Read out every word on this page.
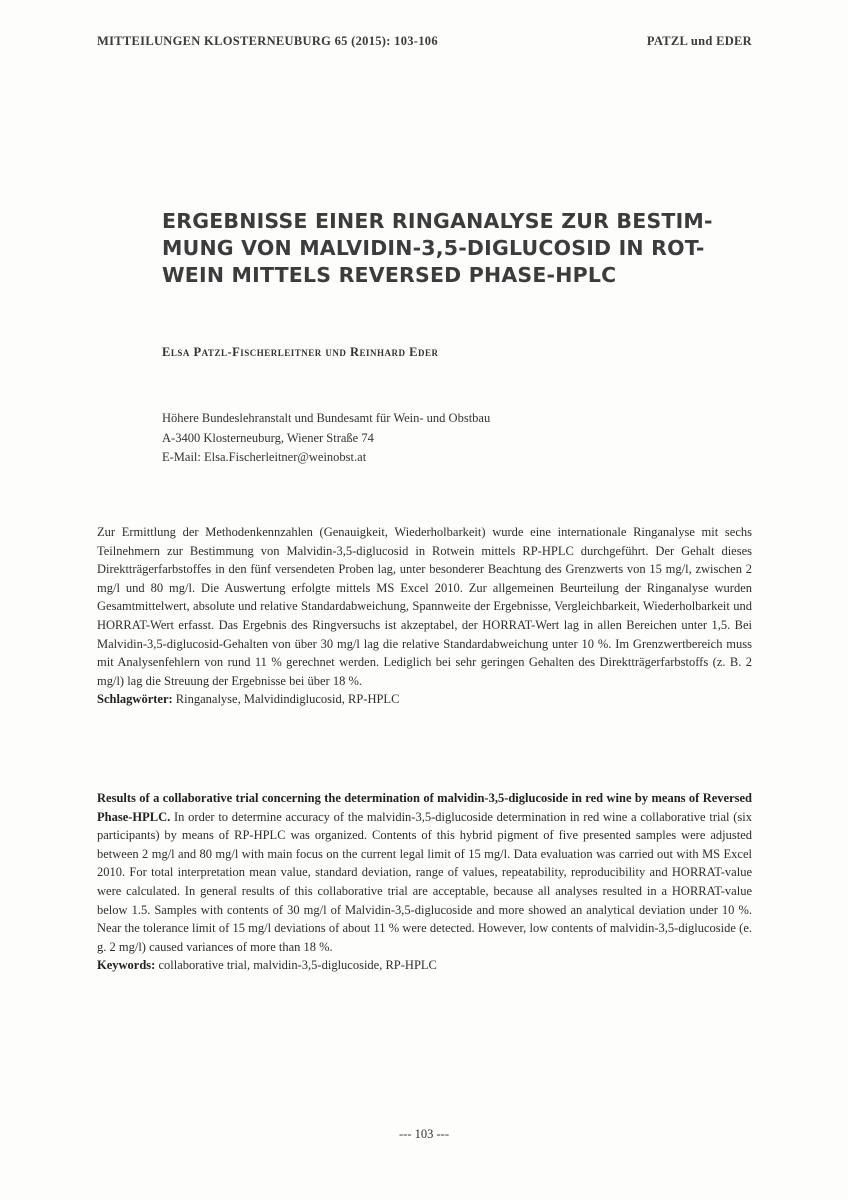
MITTEILUNGEN KLOSTERNEUBURG 65 (2015): 103-106	PATZL und EDER
ERGEBNISSE EINER RINGANALYSE ZUR BESTIM-
MUNG VON MALVIDIN-3,5-DIGLUCOSID IN ROT-
WEIN MITTELS REVERSED PHASE-HPLC
Elsa Patzl-Fischerleitner und Reinhard Eder
Höhere Bundeslehranstalt und Bundesamt für Wein- und Obstbau
A-3400 Klosterneuburg, Wiener Straße 74
E-Mail: Elsa.Fischerleitner@weinobst.at
Zur Ermittlung der Methodenkennzahlen (Genauigkeit, Wiederholbarkeit) wurde eine internationale Ringanalyse mit sechs Teilnehmern zur Bestimmung von Malvidin-3,5-diglucosid in Rotwein mittels RP-HPLC durchgeführt. Der Gehalt dieses Direktträgerfarbstoffes in den fünf versendeten Proben lag, unter besonderer Beachtung des Grenzwerts von 15 mg/l, zwischen 2 mg/l und 80 mg/l. Die Auswertung erfolgte mittels MS Excel 2010. Zur allgemeinen Beurteilung der Ringanalyse wurden Gesamtmittelwert, absolute und relative Standardabweichung, Spannweite der Ergebnisse, Vergleichbarkeit, Wiederholbarkeit und HORRAT-Wert erfasst. Das Ergebnis des Ringversuchs ist akzeptabel, der HORRAT-Wert lag in allen Bereichen unter 1,5. Bei Malvidin-3,5-diglucosid-Gehalten von über 30 mg/l lag die relative Standardabweichung unter 10 %. Im Grenzwertbereich muss mit Analysenfehlern von rund 11 % gerechnet werden. Lediglich bei sehr geringen Gehalten des Direktträgerfarbstoffs (z. B. 2 mg/l) lag die Streuung der Ergebnisse bei über 18 %.
Schlagwörter: Ringanalyse, Malvidindiglucosid, RP-HPLC
Results of a collaborative trial concerning the determination of malvidin-3,5-diglucoside in red wine by means of Reversed Phase-HPLC. In order to determine accuracy of the malvidin-3,5-diglucoside determination in red wine a collaborative trial (six participants) by means of RP-HPLC was organized. Contents of this hybrid pigment of five presented samples were adjusted between 2 mg/l and 80 mg/l with main focus on the current legal limit of 15 mg/l. Data evaluation was carried out with MS Excel 2010. For total interpretation mean value, standard deviation, range of values, repeatability, reproducibility and HORRAT-value were calculated. In general results of this collaborative trial are acceptable, because all analyses resulted in a HORRAT-value below 1.5. Samples with contents of 30 mg/l of Malvidin-3,5-diglucoside and more showed an analytical deviation under 10 %. Near the tolerance limit of 15 mg/l deviations of about 11 % were detected. However, low contents of malvidin-3,5-diglucoside (e. g. 2 mg/l) caused variances of more than 18 %.
Keywords: collaborative trial, malvidin-3,5-diglucoside, RP-HPLC
--- 103 ---
